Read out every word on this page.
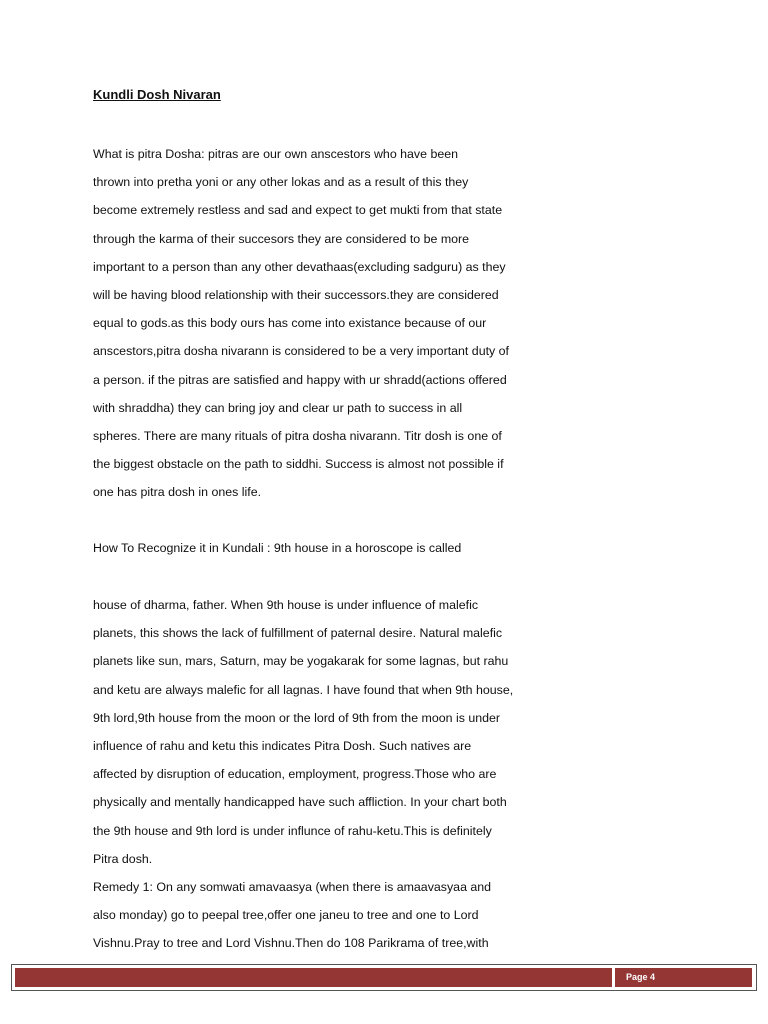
Kundli Dosh Nivaran
What is pitra Dosha: pitras are our own anscestors who have been
thrown into pretha yoni or any other lokas and as a result of this they
become extremely restless and sad and expect to get mukti from that state
through the karma of their succesors they are considered to be more
important to a person than any other devathaas(excluding sadguru) as they
will be having blood relationship with their successors.they are considered
equal to gods.as this body ours has come into existance because of our
anscestors,pitra dosha nivarann is considered to be a very important duty of
a person. if the pitras are satisfied and happy with ur shradd(actions offered
with shraddha) they can bring joy and clear ur path to success in all
spheres. There are many rituals of pitra dosha nivarann. Titr dosh is one of
the biggest obstacle on the path to siddhi. Success is almost not possible if
one has pitra dosh in ones life.
How To Recognize it in Kundali : 9th house in a horoscope is called
house of dharma, father. When 9th house is under influence of malefic
planets, this shows the lack of fulfillment of paternal desire. Natural malefic
planets like sun, mars, Saturn, may be yogakarak for some lagnas, but rahu
and ketu are always malefic for all lagnas. I have found that when 9th house,
9th lord,9th house from the moon or the lord of 9th from the moon is under
influence of rahu and ketu this indicates Pitra Dosh. Such natives are
affected by disruption of education, employment, progress.Those who are
physically and mentally handicapped have such affliction. In your chart both
the 9th house and 9th lord is under influnce of rahu-ketu.This is definitely
Pitra dosh.
Remedy 1: On any somwati amavaasya (when there is amaavasyaa and
also monday) go to peepal tree,offer one janeu to tree and one to Lord
Vishnu.Pray to tree and Lord Vishnu.Then do 108 Parikrama of tree,with
Page 4
